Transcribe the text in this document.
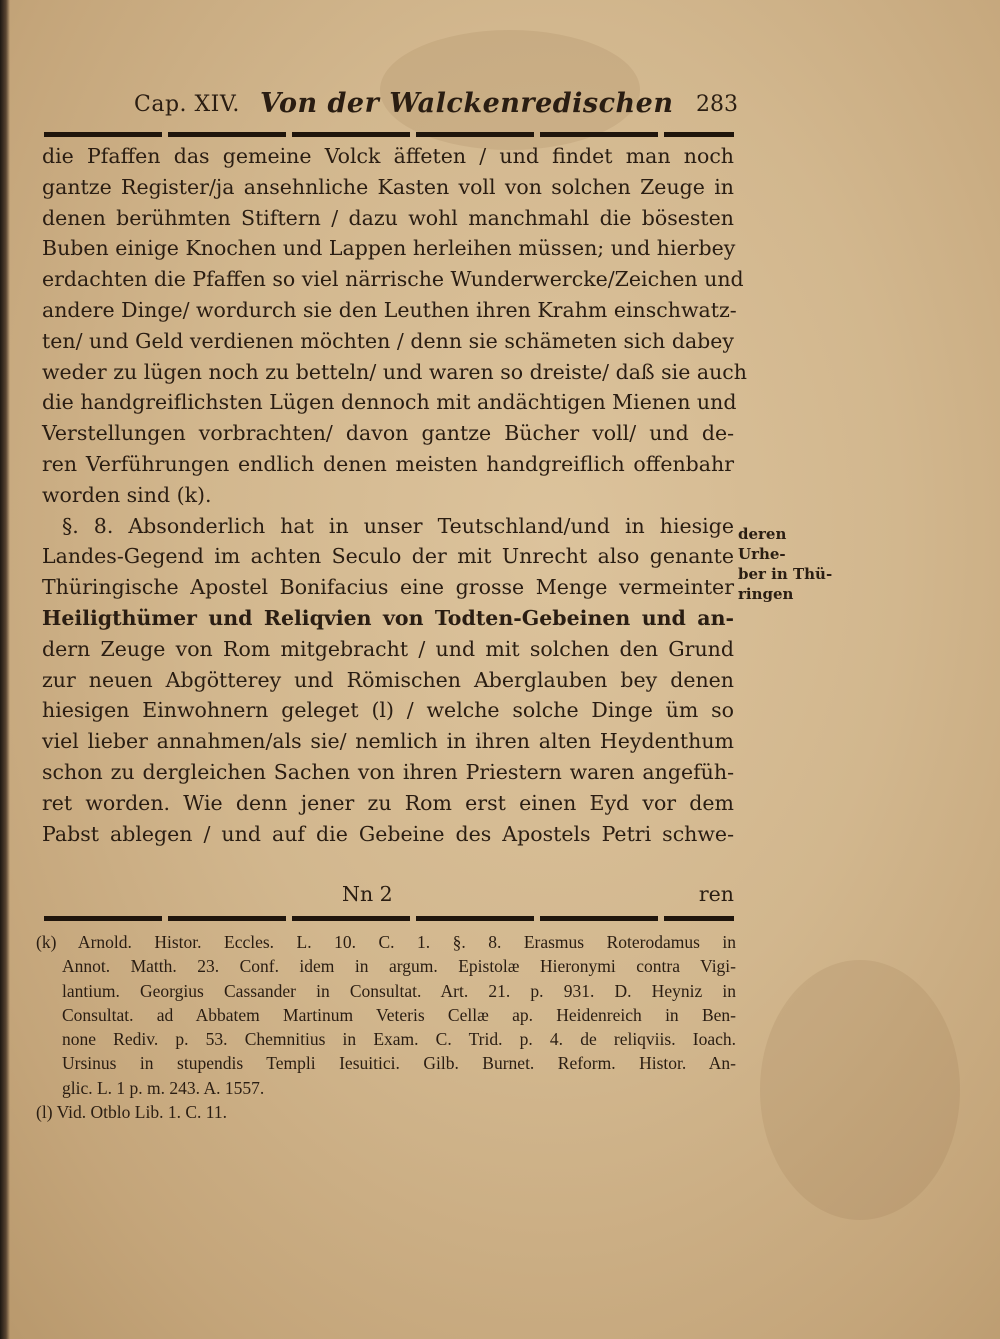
Cap. XIV. Von der Walckenredischen 283
die Pfaffen das gemeine Volck äffeten / und findet man noch
gantze Register/ja ansehnliche Kasten voll von solchen Zeuge in
denen berühmten Stiftern / dazu wohl manchmahl die bösesten
Buben einige Knochen und Lappen herleihen müssen; und hierbey
erdachten die Pfaffen so viel närrische Wunderwercke/Zeichen und
andere Dinge/ wordurch sie den Leuthen ihren Krahm einschwatz-
ten/ und Geld verdienen möchten / denn sie schämeten sich dabey
weder zu lügen noch zu betteln/ und waren so dreiste/ daß sie auch
die handgreiflichsten Lügen dennoch mit andächtigen Mienen und
Verstellungen vorbrachten/ davon gantze Bücher voll/ und de-
ren Verführungen endlich denen meisten handgreiflich offenbahr
worden sind (k).
§. 8. Absonderlich hat in unser Teutschland/und in hiesige
Landes-Gegend im achten Seculo der mit Unrecht also genante
Thüringische Apostel Bonifacius eine grosse Menge vermeinter
Heiligthümer und Reliqvien von Todten-Gebeinen und an-
dern Zeuge von Rom mitgebracht / und mit solchen den Grund
zur neuen Abgötterey und Römischen Aberglauben bey denen
hiesigen Einwohnern geleget (l) / welche solche Dinge üm so
viel lieber annahmen/als sie/ nemlich in ihren alten Heydenthum
schon zu dergleichen Sachen von ihren Priestern waren angefüh-
ret worden. Wie denn jener zu Rom erst einen Eyd vor dem
Pabst ablegen / und auf die Gebeine des Apostels Petri schwe-
Nn 2	ren
deren Urhe-
ber in Thü-
ringen
(k) Arnold. Histor. Eccles. L. 10. C. 1. §. 8. Erasmus Roterodamus in
Annot. Matth. 23. Conf. idem in argum. Epistolæ Hieronymi contra Vigi-
lantium. Georgius Cassander in Consultat. Art. 21. p. 931. D. Heyniz in
Consultat. ad Abbatem Martinum Veteris Cellæ ap. Heidenreich in Ben-
none Rediv. p. 53. Chemnitius in Exam. C. Trid. p. 4. de reliqviis. Ioach.
Ursinus in stupendis Templi Iesuitici. Gilb. Burnet. Reform. Histor. An-
glic. L. 1 p. m. 243. A. 1557.
(l) Vid. Otblo Lib. 1. C. 11.
